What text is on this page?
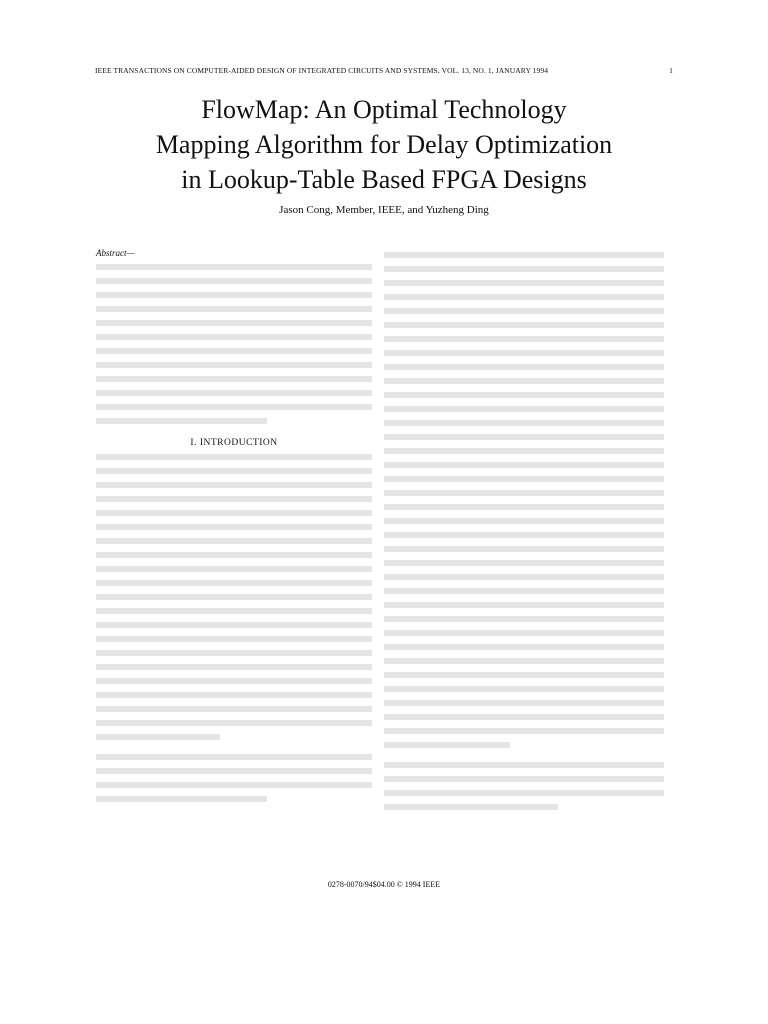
IEEE TRANSACTIONS ON COMPUTER-AIDED DESIGN OF INTEGRATED CIRCUITS AND SYSTEMS, VOL. 13, NO. 1, JANUARY 1994	1
FlowMap: An Optimal Technology
Mapping Algorithm for Delay Optimization
in Lookup-Table Based FPGA Designs
Jason Cong, Member, IEEE, and Yuzheng Ding
Abstract—
I. INTRODUCTION
0278-0070/94$04.00 © 1994 IEEE
